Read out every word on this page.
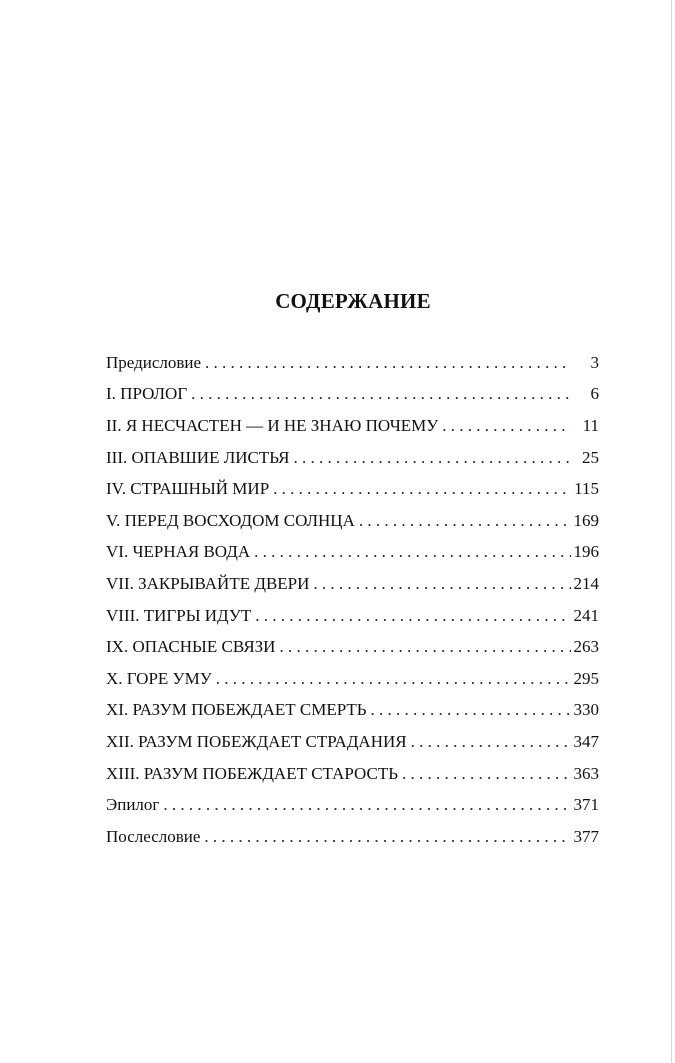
СОДЕРЖАНИЕ
Предисловие . . .	3
I. ПРОЛОГ . . .	6
II. Я НЕСЧАСТЕН — И НЕ ЗНАЮ ПОЧЕМУ . . .	11
III. ОПАВШИЕ ЛИСТЬЯ . . .	25
IV. СТРАШНЫЙ МИР . . .	115
V. ПЕРЕД ВОСХОДОМ СОЛНЦА . . .	169
VI. ЧЕРНАЯ ВОДА . . .	196
VII. ЗАКРЫВАЙТЕ ДВЕРИ . . .	214
VIII. ТИГРЫ ИДУТ . . .	241
IX. ОПАСНЫЕ СВЯЗИ . . .	263
X. ГОРЕ УМУ . . .	295
XI. РАЗУМ ПОБЕЖДАЕТ СМЕРТЬ . . .	330
XII. РАЗУМ ПОБЕЖДАЕТ СТРАДАНИЯ . . .	347
XIII. РАЗУМ ПОБЕЖДАЕТ СТАРОСТЬ . . .	363
Эпилог . . .	371
Послесловие . . .	377
